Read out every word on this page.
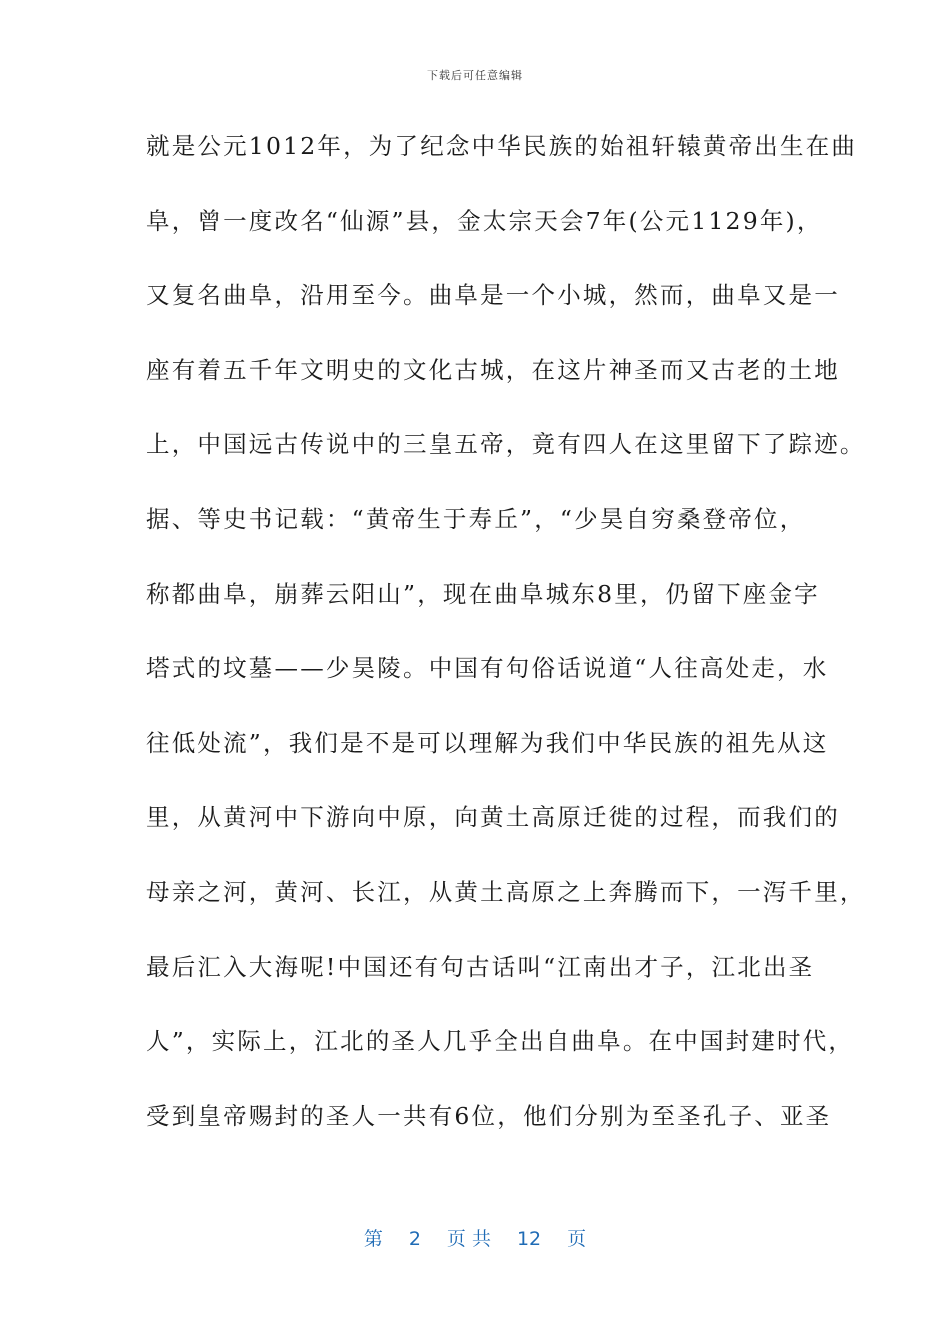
下载后可任意编辑
就是公元1012年，为了纪念中华民族的始祖轩辕黄帝出生在曲
阜，曾一度改名“仙源”县，金太宗天会7年(公元1129年)，
又复名曲阜，沿用至今。曲阜是一个小城，然而，曲阜又是一
座有着五千年文明史的文化古城，在这片神圣而又古老的土地
上，中国远古传说中的三皇五帝，竟有四人在这里留下了踪迹。
据、等史书记载：“黄帝生于寿丘”，“少昊自穷桑登帝位，
称都曲阜，崩葬云阳山”，现在曲阜城东8里，仍留下座金字
塔式的坟墓——少昊陵。中国有句俗话说道“人往高处走，水
往低处流”，我们是不是可以理解为我们中华民族的祖先从这
里，从黄河中下游向中原，向黄土高原迁徙的过程，而我们的
母亲之河，黄河、长江，从黄土高原之上奔腾而下，一泻千里，
最后汇入大海呢!中国还有句古话叫“江南出才子，江北出圣
人”，实际上，江北的圣人几乎全出自曲阜。在中国封建时代，
受到皇帝赐封的圣人一共有6位，他们分别为至圣孔子、亚圣
第 2 页 共 12 页
